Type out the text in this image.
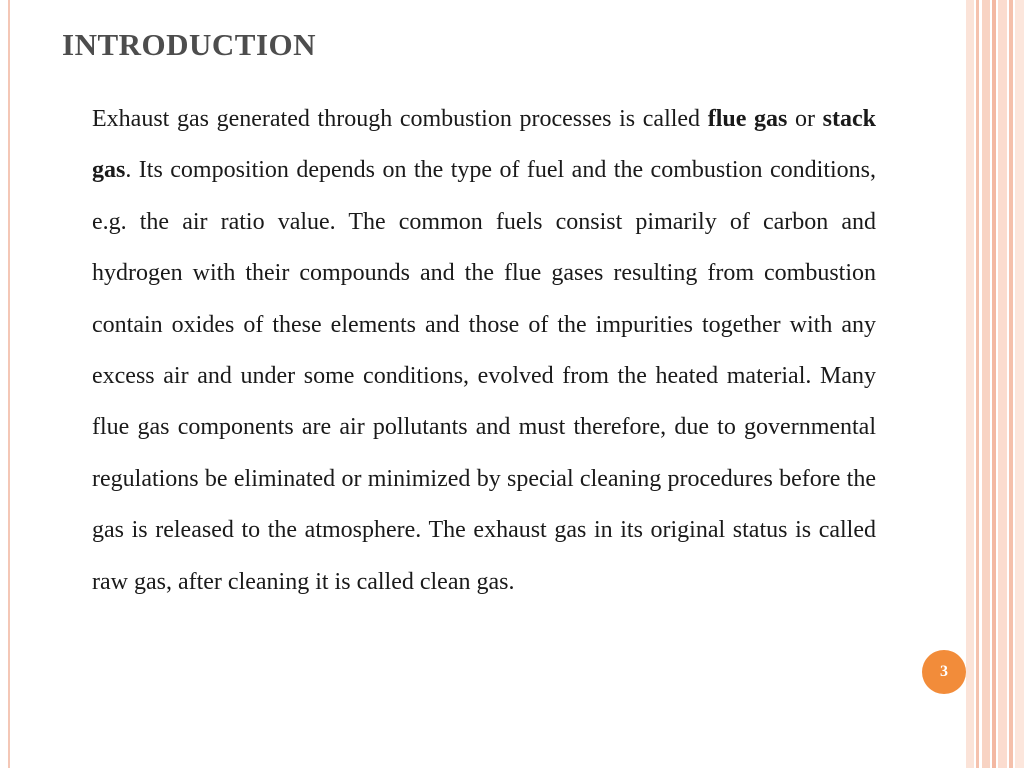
INTRODUCTION

Exhaust gas generated through combustion processes is called flue gas or stack gas. Its composition depends on the type of fuel and the combustion conditions, e.g. the air ratio value. The common fuels consist pimarily of carbon and hydrogen with their compounds and the flue gases resulting from combustion contain oxides of these elements and those of the impurities together with any excess air and under some conditions, evolved from the heated material. Many flue gas components are air pollutants and must therefore, due to governmental regulations be eliminated or minimized by special cleaning procedures before the gas is released to the atmosphere. The exhaust gas in its original status is called raw gas, after cleaning it is called clean gas.

3
